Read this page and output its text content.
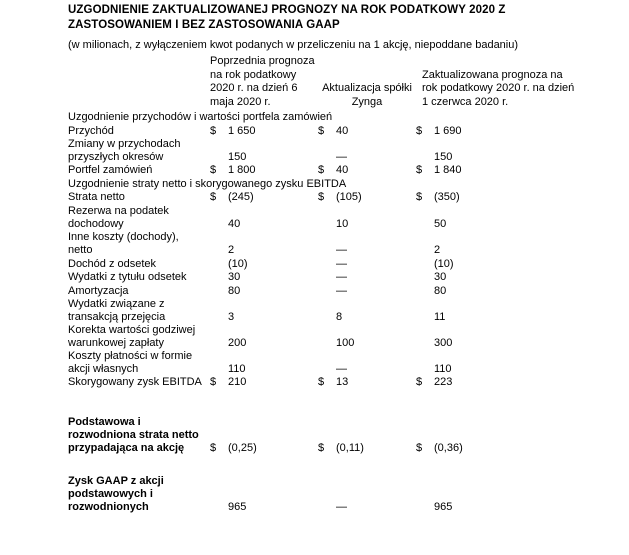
UZGODNIENIE ZAKTUALIZOWANEJ PROGNOZY NA ROK PODATKOWY 2020 Z
ZASTOSOWANIEM I BEZ ZASTOSOWANIA GAAP
(w milionach, z wyłączeniem kwot podanych w przeliczeniu na 1 akcję, niepoddane badaniu)
	Poprzednia prognoza na rok podatkowy 2020 r. na dzień 6 maja 2020 r.		Aktualizacja spółki Zynga		Zaktualizowana prognoza na rok podatkowy 2020 r. na dzień 1 czerwca 2020 r.	
Uzgodnienie przychodów i wartości portfela zamówień						
Przychód	$	1 650	$	40	$	1 690
Zmiany w przychodach przyszłych okresów		150		—		150
Portfel zamówień	$	1 800	$	40	$	1 840
Uzgodnienie straty netto i skorygowanego zysku EBITDA						
Strata netto	$	(245)	$	(105)	$	(350)
Rezerwa na podatek dochodowy		40		10		50
Inne koszty (dochody), netto		2		—		2
Dochód z odsetek		(10)		—		(10)
Wydatki z tytułu odsetek		30		—		30
Amortyzacja		80		—		80
Wydatki związane z transakcją przejęcia		3		8		11
Korekta wartości godziwej warunkowej zapłaty		200		100		300
Koszty płatności w formie akcji własnych		110		—		110
Skorygowany zysk EBITDA	$	210	$	13	$	223

Podstawowa i rozwodniona strata netto przypadająca na akcję	$	(0,25)	$	(0,11)	$	(0,36)

Zysk GAAP z akcji podstawowych i rozwodnionych		965		—		965
